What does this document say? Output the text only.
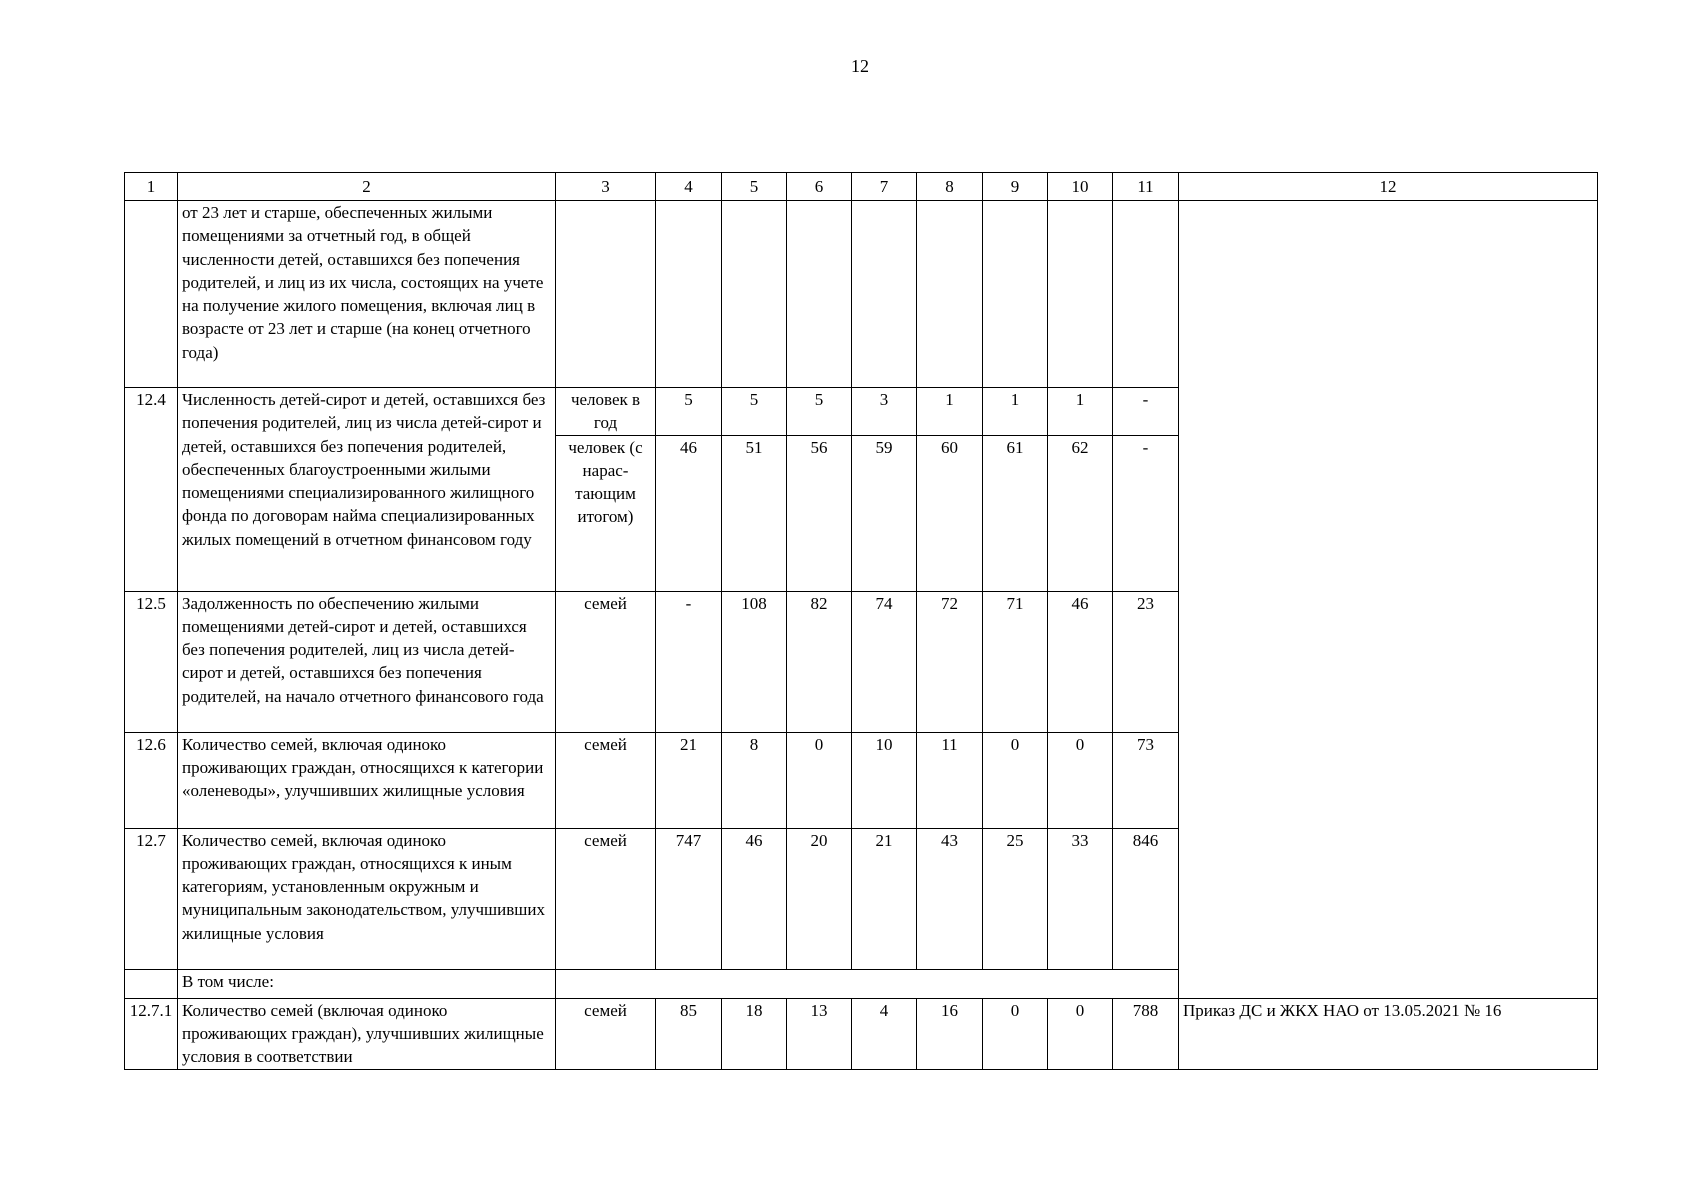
12
1	2	3	4	5	6	7	8	9	10	11	12
	от 23 лет и старше, обеспеченных жилыми помещениями за отчетный год, в общей численности детей, оставшихся без попечения родителей, и лиц из их числа, состоящих на учете на получение жилого помещения, включая лиц в возрасте от 23 лет и старше (на конец отчетного года)										
12.4	Численность детей-сирот и детей, оставшихся без попечения родителей, лиц из числа детей-сирот и детей, оставшихся без попечения родителей, обеспеченных благоустроенными жилыми помещениями специализированного жилищного фонда по договорам найма специализированных жилых помещений в отчетном финансовом году	человек в год	5	5	5	3	1	1	1	-	
		человек (с нарас-тающим итогом)	46	51	56	59	60	61	62	-	
12.5	Задолженность по обеспечению жилыми помещениями детей-сирот и детей, оставшихся без попечения родителей, лиц из числа детей-сирот и детей, оставшихся без попечения родителей, на начало отчетного финансового года	семей	-	108	82	74	72	71	46	23	
12.6	Количество семей, включая одиноко проживающих граждан, относящихся к категории «оленеводы», улучшивших жилищные условия	семей	21	8	0	10	11	0	0	73	
12.7	Количество семей, включая одиноко проживающих граждан, относящихся к иным категориям, установленным окружным и муниципальным законодательством, улучшивших жилищные условия	семей	747	46	20	21	43	25	33	846	
	В том числе:										
12.7.1	Количество семей (включая одиноко проживающих граждан), улучшивших жилищные условия в соответствии	семей	85	18	13	4	16	0	0	788	Приказ ДС и ЖКХ НАО от 13.05.2021 № 16
